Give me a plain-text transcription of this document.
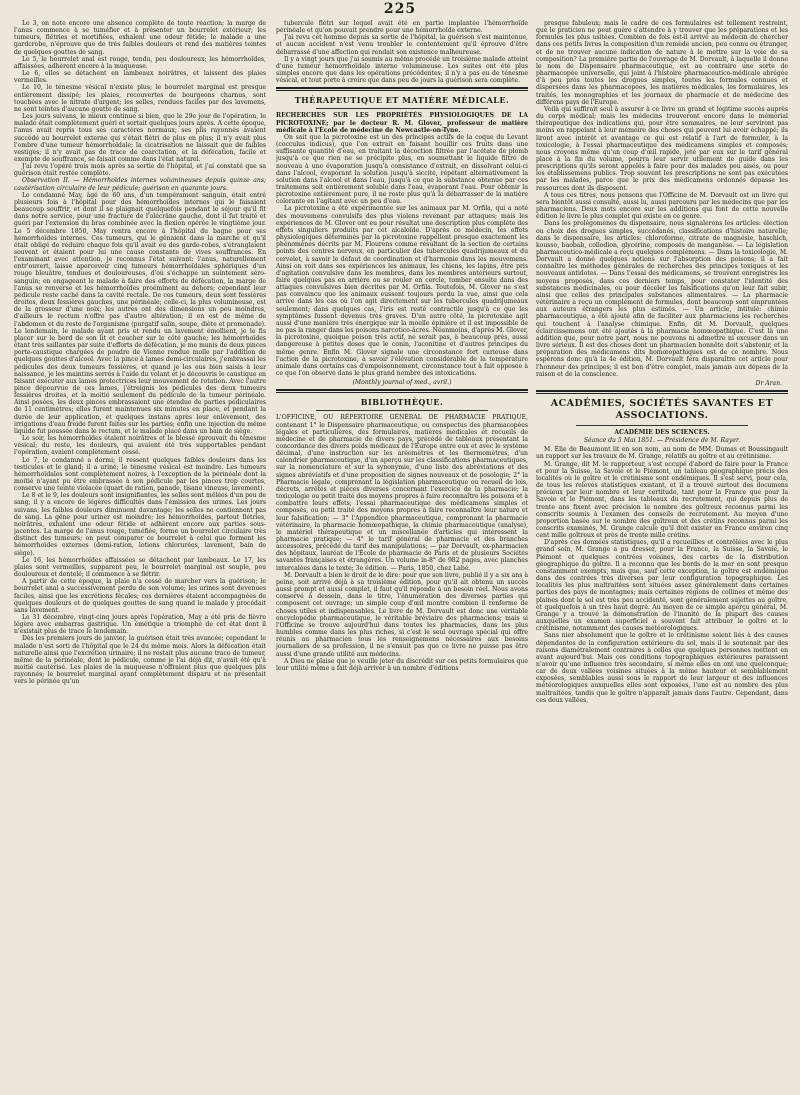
225

Le 3, on note encore une absence complète de toute réaction; la marge de l'anus commence à se tuméfier et à présenter un bourrelet extérieur; les tumeurs, flétries et mortifiées, exhalent une odeur fétide; le malade a une gardcrobe, n'éprouve que de très faibles douleurs et rend des matières teintes de quelques gouttes de sang.

Le 5, le bourrelet anal est rouge, tendu, peu douloureux; les hémorrhoïdes, affaissées, adhèrent encore à la muqueuse.

Le 6, elles se détachent en lambeaux noirâtres, et laissent des plaies vermeilles.

Le 10, le ténesme vésical n'existe plus; le bourrelet marginal est presque entièrement dissipé; les plaies, recouvertes de bourgeons charnus, sont touchées avec le nitrate d'argent; les selles, rendues faciles par des lavemens, ne sont teintes d'aucune goutte de sang.

Les jours suivans, le mieux continue si bien, que le 29e jour de l'opération, le malade était complètement guéri et sortait quelques jours après. A cette époque, l'anus avait repris tous ses caractères normaux; ses plis rayonnés avaient succédé au bourrelet externe qui s'était flétri de plus en plus; il n'y avait plus l'ombre d'une tumeur hémorrhoïdale; la cicatrisation ne laissait que de faibles vestiges; il n'y avait pas de trace de coarctation, et la défécation, facile et exempte de souffrance, se faisait comme dans l'état naturel.

J'ai revu l'opéré trois mois après sa sortie de l'hôpital, et j'ai constaté que sa guérison était restée complète.

Observation II. — Hémorrhoïdes internes volumineuses depuis quinze ans; cautérisation circulaire de leur pédicule; guérison en quarante jours.

Le condamné May, âgé de 60 ans, d'un tempérament sanguin, était entré plusieurs fois à l'hôpital pour des hémorrhoïdes internes qui le faisaient beaucoup souffrir, et dont il se plaignait quelquefois pendant le séjour qu'il fit dans notre service, pour une fracture de l'olécrâne gauche, dont il fut traité et guéri par l'extension du bras combinée avec la flexion opérée le vingtième jour. Le 5 décembre 1850, May rentra encore à l'hôpital du bagne pour ses hémorrhoïdes internes. Ces tumeurs, qui le gênaient dans la marche et qu'il était obligé de réduire chaque fois qu'il avait eu des garde-robes, s'étranglaient souvent et étaient pour lui une cause constante de vives souffrances. En l'examinant avec attention, je reconnus l'état suivant: l'anus, naturellement entr'ouvert, laisse apercevoir cinq tumeurs hémorrhoïdales sphériques d'un rouge bleuâtre, tendues et douloureuses, d'où s'échappe un suintement séro-sanguin; en engageant le malade à faire des efforts de défécation, la marge de l'anus se renverse et les hémorrhoïdes proéminent au dehors; cependant leur pédicule reste caché dans la cavité rectale. De ces tumeurs, deux sont fessières droites, deux fessières gauches, une périnéale; celle-ci, la plus volumineuse, est de la grosseur d'une noix; les autres ont des dimensions un peu moindres, d'ailleurs le rectum n'offre pas d'autre altération; il en est de même de l'abdomen et du reste de l'organisme (purgatif salin, soupe, diète et promenade). Le lendemain, le malade ayant pris et rendu un lavement émollient, je le fis placer sur le bord de son lit et coucher sur le côté gauche; les hémorrhoïdes étant très saillantes par suite d'efforts de défécation, je me munis de deux pinces porte-caustique chargées de poudre de Vienne rendue molle par l'addition de quelques gouttes d'alcool. Avec la pince à lames demi-circulaires, j'embrassai les pédicules des deux tumeurs fessières, et quand je les eus bien saisis à leur naissance, je les maintins serrés à l'aide du volant et je découvris le caustique en faisant exécuter aux lames protectrices leur mouvement de rotation. Avec l'autre pince dépourvue de ces lames, j'étreignis les pédicules des deux tumeurs fessières droites, et la moitié seulement du pédicule de la tumeur périnéale. Ainsi posées, les deux pinces embrassaient une étendue de parties pédiculaires de 11 centimètres; elles furent maintenues six minutes en place, et pendant la durée de leur application, et quelques instans après leur enlèvement, des irrigations d'eau froide furent faites sur les parties; enfin une injection du même liquide fut poussée dans le rectum, et le malade placé dans un bain de siège.

Le soir, les hémorrhoïdes étaient noirâtres et le blessé éprouvait du ténesme vésical; du reste, les douleurs, qui avaient été très supportables pendant l'opération, avaient complètement cessé.

Le 7, le condamné a dormi; il ressent quelques faibles douleurs dans les testicules et le gland; il a uriné; le ténesme vésical est moindre. Les tumeurs hémorrhoïdales sont complètement noires, à l'exception de la périnéale dont la moitié n'ayant pu être embrassée à son pédicule par les pinces trop courtes, conserve une teinte violacée (quart de ration, panade, tisane vineuse, lavement).

Le 8 et le 9, les douleurs sont insignifiantes, les selles sont mêlées d'un peu de sang; il y a encore de légères difficultés dans l'émission des urines. Les jours suivans, les faibles douleurs diminuent davantage; les selles ne contiennent pas de sang. La gêne pour uriner est moindre; les hémorrhoïdes, partout flétries, noirâtres, exhalent une odeur fétide et adhèrent encore aux parties sous-jacentes. La marge de l'anus rouge, tuméfiée, forme un bourrelet circulaire très distinct des tumeurs; on peut comparer ce bourrelet à celui que forment les hémorrhoïdes externes (demi-ration, lotions chlorurées, lavement, bain de siège).

Le 16, les hémorrhoïdes affaissées se détachent par lambeaux. Le 17, les plaies sont vermeilles, supparent peu, le bourrelet marginal est souple, peu douloureux et dentelé; il commence à se flétrir.

A partir de cette époque, la plaie n'a cessé de marcher vers la guérison; le bourrelet anal a successivement perdu de son volume; les urines sont devenues faciles, ainsi que les excrétions fécales; ces dernières étaient accompagnées de quelques douleurs et de quelques gouttes de sang quand le malade y procédait sans lavement.

Le 31 décembre, vingt-cinq jours après l'opération, May a été pris de fièvre légère avec embarras gastrique. Un émétique a triomphé de cet état dont il n'existait plus de trace le lendemain.

Dès les premiers jours de janvier, la guérison était très avancée; cependant le malade n'est sorti de l'hôpital que le 24 du même mois. Alors la défécation était naturelle ainsi que l'excrétion urinaire; il ne restait plus aucune trace de tumeur, même de la périnéale, dont le pédicule, comme je l'ai déjà dit, n'avait été qu'à moitié cautérisé. Les plaies de la muqueuse n'offraient plus que quelques plis rayonnés; le bourrelet marginal ayant complètement disparu et ne présentait vers le périnée qu'un

tubercule flétri sur lequel avait été en partie implantée l'hémorrhoïde périnéale et qu'on pouvait prendre pour une hémorrhoïde externe.

J'ai revu cet homme depuis sa sortie de l'hôpital, la guérison s'est maintenue, et aucun accident n'est venu troubler le contentement qu'il éprouve d'être débarrassé d'une affection qui rendait son existence malheureuse.

Il y a vingt jours que j'ai soumis au même procédé un troisième malade atteint d'une tumeur hémorrhoïdale interne volumineuse. Les suites ont été plus simples encore que dans les opérations précédentes; il n'y a pas eu de ténesme vésical, et tout porte à croire que dans peu de jours la guérison sera complète.

THÉRAPEUTIQUE ET MATIÈRE MÉDICALE.

RECHERCHES SUR LES PROPRIÉTÉS PHYSIOLOGIQUES DE LA PICROTOXINE; par le docteur R. M. Glover, professeur de matière médicale à l'École de médecine de Newcastle-on-Tyne.

On sait que la picrotoxine est un des principes actifs de la coque du Levant (cocculus indicus), que l'on extrait en faisant bouillir ces fruits dans une suffisante quantité d'eau, en traitant la décoction filtrée par l'acétate de plomb jusqu'à ce que rien ne se précipite plus, en soumettant le liquide filtré de nouveau à une évaporation jusqu'à consistance d'extrait, en dissolvant celui-ci dans l'alcool, évaporant la solution jusqu'à siccité, répétant alternativement la solution dans l'alcool et dans l'eau, jusqu'à ce que la substance obtenue par ces traitemens soit entièrement soluble dans l'eau, évaporant l'eau. Pour obtenir la picrotoxine entièrement pure, il ne reste plus qu'à la débarrasser de la matière colorante en l'agitant avec un peu d'eau.

La picrotoxine a été expérimentée sur les animaux par M. Orfila, qui a noté des mouvemens convulsifs des plus violens revenant par attaques; mais les expériences de M. Glover ont eu pour résultat une description plus complète des effets singuliers produits par cet alcaloïde. D'après ce médecin, les effets physiologiques déterminés par la picrotoxine rappellent presque exactement les phénomènes décrits par M. Flourens comme résultant de la section de certains points des centres nerveux, en particulier des tubercules quadrijumeaux et du cervelet, à savoir le défaut de coordination et d'harmonie dans les mouvemens. Ainsi on voit dans ses expériences les animaux, les chiens, les lapins, être pris d'agitation convulsive dans les membres, dans les membres antérieurs surtout, faire quelques pas en arrière ou se rouler en cercle, tomber ensuite dans des attaques convulsives bien décrites par M. Orfila. Toutefois, M. Glover ne s'est pas convaincu que les animaux eussent toujours perdu la vue, ainsi que cela arrive dans les cas où l'on agit directement sur les tubercules quadrijumeaux seulement; dans quelques cas, l'iris est resté contractile jusqu'à ce que les symptômes fussent devenus très graves. D'un autre côté, la picrotoxine agit aussi d'une manière très énergique sur la moelle épinière et il est impossible de ne pas la ranger dans les poisons narcotico-âcres. Néanmoins, d'après M. Glover, la picrotoxine, quoique poison très actif, ne serait pas, à beaucoup près, aussi dangereuse à petites doses que le conin, l'aconitine et d'autres principes du même genre. Enfin M. Glover signale une circonstance fort curieuse dans l'action de la picrotoxine, à savoir l'élévation considérable de la température animale dans certains cas d'empoisonnement, circonstance tout à fait opposée à ce que l'on observe dans le plus grand nombre des intoxications.

(Monthly journal of med., avril.)
BIBLIOTHÈQUE.

L'OFFICINE, OU RÉPERTOIRE GÉNÉRAL DE PHARMACIE PRATIQUE, contenant 1° le Dispensaire pharmaceutique, ou conspectus des pharmacopées légales et particulières, des formulaires, matières médicales et recueils de médecine et de pharmacie de divers pays, précédé de tableaux présentant la concordance des divers poids médicaux de l'Europe entre eux et avec le système décimal, d'une instruction sur les aréomètres et les thermomètres, d'un calendrier pharmaceutique, d'un aperçu sur les classifications pharmaceutiques, sur la nomenclature et sur la synonymie, d'une liste des abréviations et des signes abréviatifs et d'une proposition de signes nouveaux et de posologie; 2° la Pharmacie légale, comprenant la législation pharmaceutique ou recueil de lois, décrets, arrêtés et pièces diverses concernant l'exercice de la pharmacie; la toxicologie ou petit traité des moyens propres à faire reconnaître les poisons et à combattre leurs effets; l'essai pharmaceutique des médicamens simples et composés, ou petit traité des moyens propres à faire reconnaître leur nature et leur falsification; — 3° l'Appendice pharmaceutique, comprenant la pharmacie vétérinaire, la pharmacie homœopathique, la chimie pharmaceutique (analyse), le matériel thérapeutique et un miscellanée d'articles qui intéressent la pharmacie pratique; — 4° le tarif général de pharmacie et des branches accessoires, précédé du tarif des manipulations; — par Dorvault, ex-pharmacien des hôpitaux, lauréat de l'École de pharmacie de Paris et de plusieurs Sociétés savantes françaises et étrangères. Un volume in-8° de 982 pages, avec planches intercalées dans le texte; 3e édition. — Paris, 1850, chez Labé.

M. Dorvault a bien le droit de le dire: pour que son livre, publié il y a six ans à peine, soit arrivé déjà à sa troisième édition, pour qu'il ait obtenu un succès aussi prompt et aussi complet, il faut qu'il réponde à un besoin réel. Nous avons conservé à dessein, dans le titre, l'énumération des diverses parties qui composent cet ouvrage; un simple coup d'œil montre combien il renferme de choses utiles et indispensables. Le livre de M. Dorvault est donc une véritable encyclopédie pharmaceutique, le véritable bréviaire des pharmaciens; mais si l'Officine se trouve aujourd'hui dans toutes les pharmacies, dans les plus humbles comme dans les plus riches, si c'est le seul ouvrage spécial qui offre réunis au pharmacien tous les renseignemens nécessaires aux besoins journaliers de sa profession, il ne s'ensuit pas que ce livre ne puisse pas être aussi d'une grande utilité aux médecins.

A Dieu ne plaise que je veuille jeter du discrédit sur ces petits formulaires que leur utilité même a fait déjà arriver à un nombre d'éditions

presque fabuleux; mais le cadre de ces formulaires est tellement restreint, que le praticien ne peut guère s'attendre à y trouver que les préparations et les formules les plus usitées. Combien de fois est-il arrivé au médecin de chercher dans ces petits livres la composition d'un remède ancien, peu connu ou étranger, et de ne trouver aucune indication de nature à le mettre sur la voie de sa composition? La première partie de l'ouvrage de M. Dorvault, à laquelle il donne le nom de Dispensaire pharmaceutique, est au contraire une sorte de pharmacopée universelle, qui joint à l'histoire pharmaceutico-médicale abrégée d'à peu près toutes les drogues simples, toutes les formules connues et dispersées dans les pharmacopées, les matières médicales, les formulaires, les traités, les monographies et les journaux de pharmacie et de médecine des différens pays de l'Europe.

Voilà qui suffirait seul à assurer à ce livre un grand et légitime succès auprès du corps médical; mais les médecins trouveront encore dans le mémorial thérapeutique des indications qui, pour être sommaires, ne leur serviront pas moins en rappelant à leur mémoire des choses qui peuvent lui avoir échappé; ils liront avec intérêt et avantage ce qui est relatif à l'art de formuler, à la toxicologie, à l'essai pharmaceutique des médicamens simples et composés; nous croyons même qu'un coup d'œil rapide, jeté par eux sur le tarif général placé à la fin du volume, pourra leur servir utilement de guide dans les prescriptions qu'ils seront appelés à faire pour des malades peu aisés, ou pour les établissemens publics. Trop souvent les prescriptions ne sont pas exécutées par les malades, parce que le prix des médicamens ordonnés dépasse les ressources dont ils disposent.

A tous ces titres, nous pensons que l'Officine de M. Dorvault est un livre qui sera bientôt aussi consulté, aussi lu, aussi parcouru par les médecins que par les pharmaciens. Deux mots encore sur les additions qui font de cette nouvelle édition le livre le plus complet qui existe en ce genre.

Dans les prolégomènes du dispensaire, nous signalerons les articles: élection ou choix des drogues simples, succédanés, classifications d'histoire naturelle; dans le dispensaire, les articles: chloroforme, citrate de magnésie, haschich, kousso, baobab, collodion, glycérine, composés de manganèse. — La législation pharmaceutico-médicale a reçu quelques complémens. — Dans la toxicologie, M. Dorvault a donné quelques notions sur l'absorption des poisons; il a fait connaître les méthodes générales de recherches des principes toxiques et les nouveaux antidotes. — Dans l'essai des médicamens, se trouvent enregistrés les moyens proposés, dans ces derniers temps, pour constater l'identité des substances médicinales, ou pour déceler les falsifications qu'on leur fait subir, ainsi que celles des principales substances alimentaires. — La pharmacie vétérinaire a reçu un complément de formules, dont beaucoup sont empruntées aux auteurs étrangers les plus estimés. — Un article, intitulé: chimie pharmaceutique, a été ajouté afin de faciliter aux pharmaciens les recherches qui touchent à l'analyse chimique. Enfin, dit M. Dorvault, quelques éclaircissemens ont été ajoutés à la pharmacie homœopathique. C'est là une addition que, pour notre part, nous ne pouvons ni admettre ni excuser dans un livre sérieux. Il est des choses dont un pharmacien honnête doit s'abstenir, et la préparation des médicamens dits homœopathiques est de ce nombre. Nous espérons donc qu'à la 4e édition, M. Dorvault fera disparaître cet article pour l'honneur des principes; il est bon d'être complet, mais jamais aux dépens de la raison et de la conscience.

Dr Aran.
ACADÉMIES, SOCIÉTÉS SAVANTES ET ASSOCIATIONS.
ACADÉMIE DES SCIENCES.
Séance du 5 Mai 1851. — Présidence de M. Rayer.

M. Élie de Beaumont lit en son nom, au nom de MM. Dumas et Boussingault un rapport sur les travaux de M. Grange, relatifs au goître et au crétinisme.

M. Grange, dit M. le rapporteur, s'est occupé d'abord de faire pour la France et pour la Suisse, la Savoie et le Piémont, un tableau géographique précis des localités où le goître et le crétinisme sont endémiques. Il s'est servi, pour cela, de tous les relevés statistiques existant, et il a trouvé surtout des documens précieux par leur nombre et leur certitude, tant pour la France que pour la Savoie et le Piémont, dans les tableaux du recrutement, qui depuis plus de trente ans fixent avec précision le nombre des goîtreux reconnus parmi les conscrits soumis à l'examen des conseils de recrutement. Au moyen d'une proportion basée sur le nombre des goîtreux et des crétins reconnus parmi les conscrits examinés, M. Grange calcule qu'il doit exister en France environ cinq cent mille goîtreux et près de trente mille crétins.

D'après ces données statistiques, qu'il a recueillies et contrôlées avec le plus grand soin, M. Grange a pu dresser, pour la France, la Suisse, la Savoie, le Piémont et quelques contrées voisines, des cartes de la distribution géographique du goître. Il a reconnu que les bords de la mer en sont presque constamment exempts, mais que, sauf cette exception, le goître est endémique dans des contrées très diverses par leur configuration topographique. Les localités les plus maltraitées sont situées assez généralement dans certaines parties des pays de montagnes; mais certaines régions de collines et même des plaines dont le sol est très peu accidenté, sont généralement sujettes au goître, et quelquefois à un très haut degré. Au moyen de ce simple aperçu général, M. Grange y a trouvé la démonstration de l'inanité de la plupart des causes auxquelles un examen superficiel a souvent fait attribuer le goître et le crétinisme, notamment des causes météorologiques.

Sans nier absolument que le goître et le crétinisme soient liés à des causes dépendantes de la configuration extérieure du sol, mais il le soutenait par des raisons diamétralement contraires à celles que quelques personnes mettent en avant aujourd'hui. Mais ces conditions topographiques extérieures paraissent n'avoir qu'une influence très secondaire, si même elles en ont une quelconque; car de deux vallées voisines situées à la même hauteur et semblablement exposées, semblables aussi sous le rapport de leur largeur et des influences météorologiques auxquelles elles sont exposées, l'une est au nombre des plus maltraitées, tandis que le goître n'apparaît jamais dans l'autre. Cependant, dans ces deux vallées,
